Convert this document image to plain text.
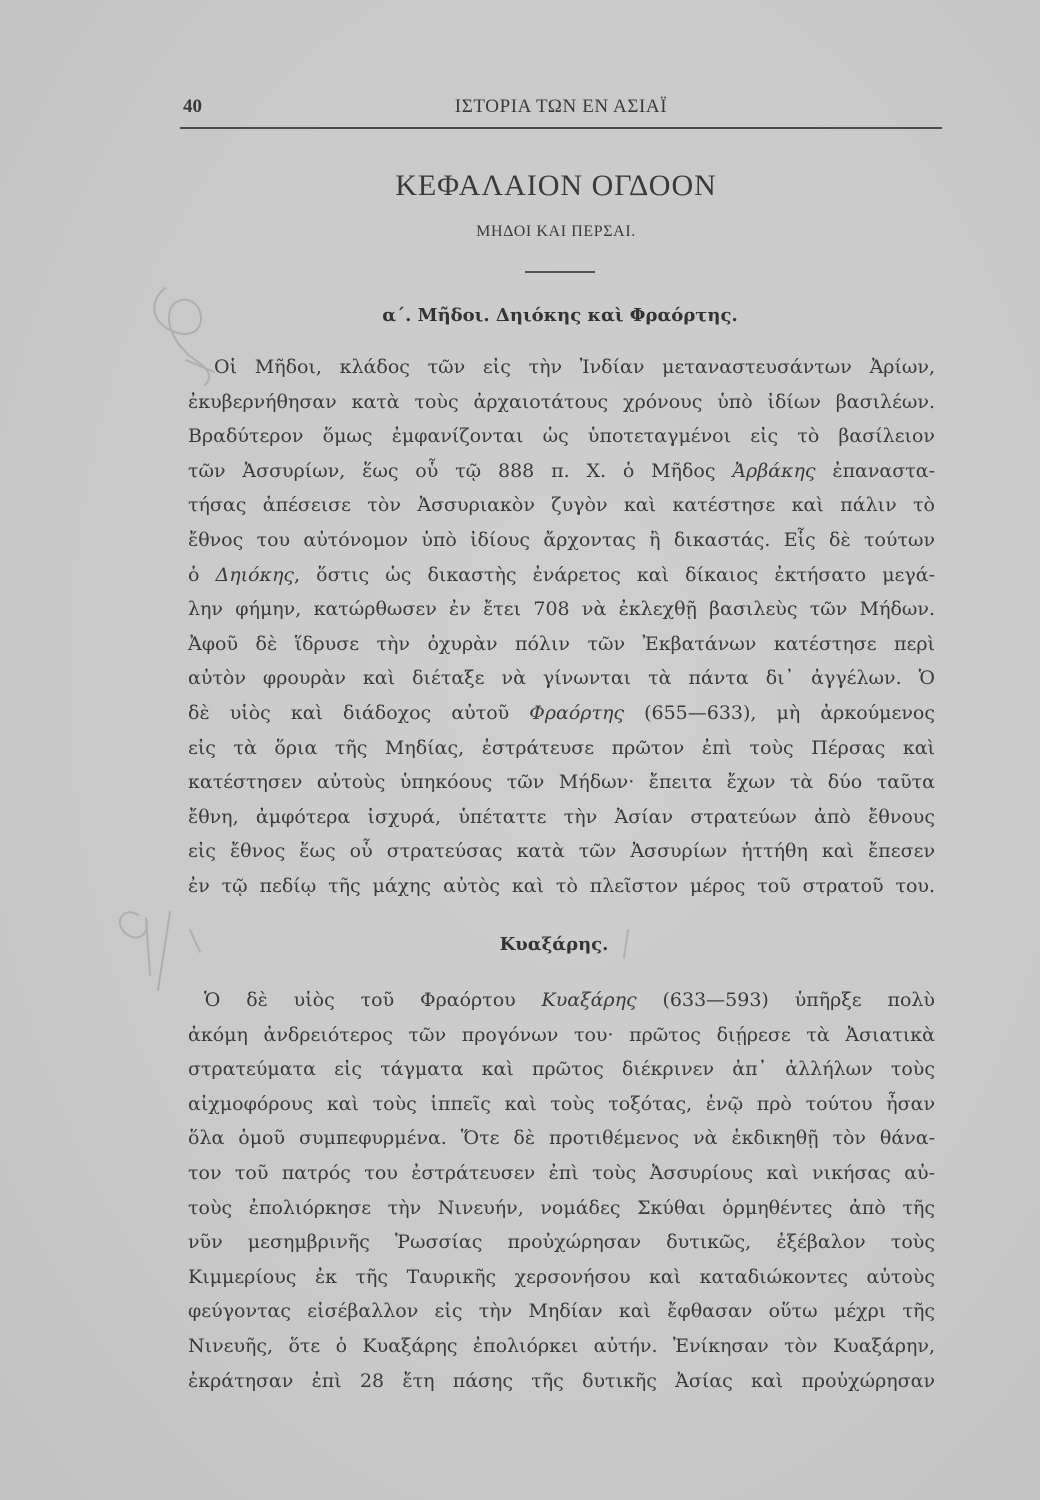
40	ΙΣΤΟΡΙΑ ΤΩΝ ΕΝ ΑΣΙΑΪ
ΚΕΦΑΛΑΙΟΝ ΟΓΔΟΟΝ
ΜΗΔΟΙ ΚΑΙ ΠΕΡΣΑΙ.
α΄. Μῆδοι. Δηιόκης καὶ Φραόρτης.
Οἱ Μῆδοι, κλάδος τῶν εἰς τὴν Ἰνδίαν μεταναστευσάντων Ἀρίων,
ἐκυβερνήθησαν κατὰ τοὺς ἀρχαιοτάτους χρόνους ὑπὸ ἰδίων βασιλέων.
Βραδύτερον ὅμως ἐμφανίζονται ὡς ὑποτεταγμένοι εἰς τὸ βασίλειον
τῶν Ἀσσυρίων, ἕως οὗ τῷ 888 π. Χ. ὁ Μῆδος Ἀρβάκης ἐπαναστα-
τήσας ἀπέσεισε τὸν Ἀσσυριακὸν ζυγὸν καὶ κατέστησε καὶ πάλιν τὸ
ἔθνος του αὐτόνομον ὑπὸ ἰδίους ἄρχοντας ἢ δικαστάς. Εἷς δὲ τούτων
ὁ Δηιόκης, ὅστις ὡς δικαστὴς ἐνάρετος καὶ δίκαιος ἐκτήσατο μεγά-
λην φήμην, κατώρθωσεν ἐν ἔτει 708 νὰ ἐκλεχθῇ βασιλεὺς τῶν Μήδων.
Ἀφοῦ δὲ ἵδρυσε τὴν ὀχυρὰν πόλιν τῶν Ἐκβατάνων κατέστησε περὶ
αὐτὸν φρουρὰν καὶ διέταξε νὰ γίνωνται τὰ πάντα δι᾿ ἀγγέλων. Ὁ
δὲ υἱὸς καὶ διάδοχος αὐτοῦ Φραόρτης (655—633), μὴ ἀρκούμενος
εἰς τὰ ὅρια τῆς Μηδίας, ἐστράτευσε πρῶτον ἐπὶ τοὺς Πέρσας καὶ
κατέστησεν αὐτοὺς ὑπηκόους τῶν Μήδων· ἔπειτα ἔχων τὰ δύο ταῦτα
ἔθνη, ἀμφότερα ἰσχυρά, ὑπέταττε τὴν Ἀσίαν στρατεύων ἀπὸ ἔθνους
εἰς ἔθνος ἕως οὗ στρατεύσας κατὰ τῶν Ἀσσυρίων ἡττήθη καὶ ἔπεσεν
ἐν τῷ πεδίῳ τῆς μάχης αὐτὸς καὶ τὸ πλεῖστον μέρος τοῦ στρατοῦ του.
Κυαξάρης.
Ὁ δὲ υἱὸς τοῦ Φραόρτου Κυαξάρης (633—593) ὑπῆρξε πολὺ
ἀκόμη ἀνδρειότερος τῶν προγόνων του· πρῶτος διῄρεσε τὰ Ἀσιατικὰ
στρατεύματα εἰς τάγματα καὶ πρῶτος διέκρινεν ἀπ᾿ ἀλλήλων τοὺς
αἰχμοφόρους καὶ τοὺς ἱππεῖς καὶ τοὺς τοξότας, ἐνῷ πρὸ τούτου ἦσαν
ὅλα ὁμοῦ συμπεφυρμένα. Ὅτε δὲ προτιθέμενος νὰ ἐκδικηθῇ τὸν θάνα-
τον τοῦ πατρός του ἐστράτευσεν ἐπὶ τοὺς Ἀσσυρίους καὶ νικήσας αὐ-
τοὺς ἐπολιόρκησε τὴν Νινευήν, νομάδες Σκύθαι ὁρμηθέντες ἀπὸ τῆς
νῦν μεσημβρινῆς Ῥωσσίας προὐχώρησαν δυτικῶς, ἐξέβαλον τοὺς
Κιμμερίους ἐκ τῆς Ταυρικῆς χερσονήσου καὶ καταδιώκοντες αὐτοὺς
φεύγοντας εἰσέβαλλον εἰς τὴν Μηδίαν καὶ ἔφθασαν οὕτω μέχρι τῆς
Νινευῆς, ὅτε ὁ Κυαξάρης ἐπολιόρκει αὐτήν. Ἐνίκησαν τὸν Κυαξάρην,
ἐκράτησαν ἐπὶ 28 ἔτη πάσης τῆς δυτικῆς Ἀσίας καὶ προὐχώρησαν
